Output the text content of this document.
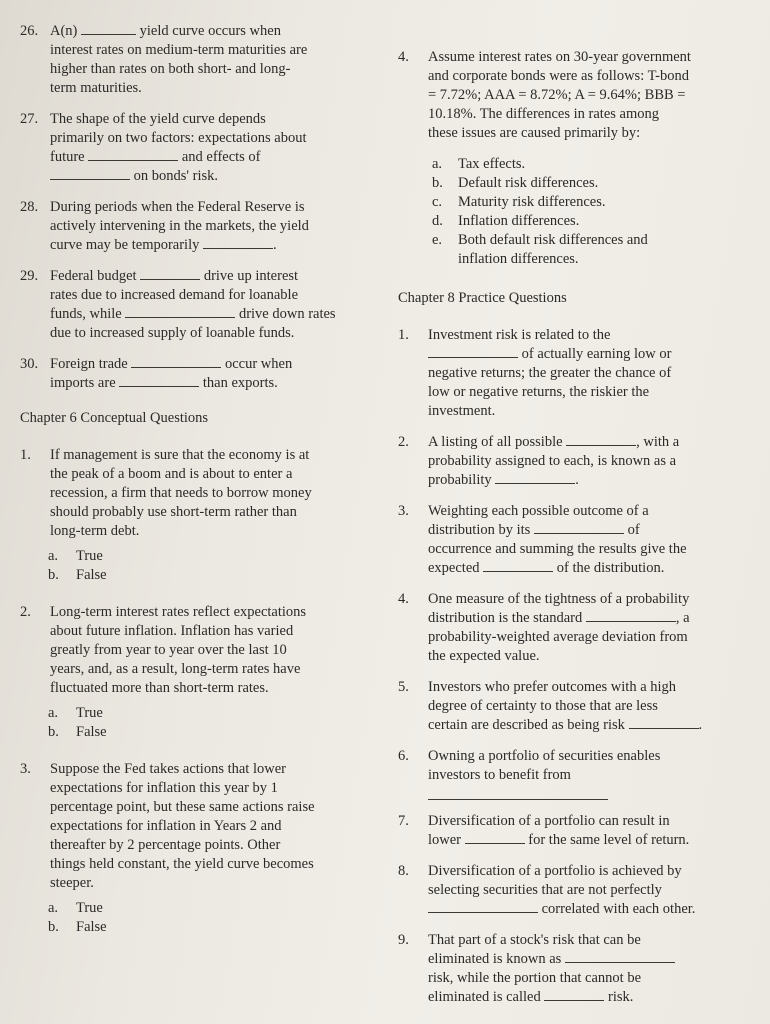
26. A(n)	yield curve occurs when
interest rates on medium-term maturities are
higher than rates on both short- and long-
term maturities.
27. The shape of the yield curve depends
primarily on two factors: expectations about
future	and effects of
on bonds' risk.
28. During periods when the Federal Reserve is
actively intervening in the markets, the yield
curve may be temporarily	.
29. Federal budget	drive up interest
rates due to increased demand for loanable
funds, while	drive down rates
due to increased supply of loanable funds.
30. Foreign trade	occur when
imports are	than exports.
Chapter 6 Conceptual Questions
1. If management is sure that the economy is at
the peak of a boom and is about to enter a
recession, a firm that needs to borrow money
should probably use short-term rather than
long-term debt.
a. True
b. False
2. Long-term interest rates reflect expectations
about future inflation. Inflation has varied
greatly from year to year over the last 10
years, and, as a result, long-term rates have
fluctuated more than short-term rates.
a. True
b. False
3. Suppose the Fed takes actions that lower
expectations for inflation this year by 1
percentage point, but these same actions raise
expectations for inflation in Years 2 and
thereafter by 2 percentage points. Other
things held constant, the yield curve becomes
steeper.
a. True
b. False
4. Assume interest rates on 30-year government
and corporate bonds were as follows: T-bond
= 7.72%; AAA = 8.72%; A = 9.64%; BBB =
10.18%. The differences in rates among
these issues are caused primarily by:
a. Tax effects.
b. Default risk differences.
c. Maturity risk differences.
d. Inflation differences.
e. Both default risk differences and
inflation differences.
Chapter 8 Practice Questions
1. Investment risk is related to the
of actually earning low or
negative returns; the greater the chance of
low or negative returns, the riskier the
investment.
2. A listing of all possible	, with a
probability assigned to each, is known as a
probability	.
3. Weighting each possible outcome of a
distribution by its	of
occurrence and summing the results give the
expected	of the distribution.
4. One measure of the tightness of a probability
distribution is the standard	, a
probability-weighted average deviation from
the expected value.
5. Investors who prefer outcomes with a high
degree of certainty to those that are less
certain are described as being risk	.
6. Owning a portfolio of securities enables
investors to benefit from
7. Diversification of a portfolio can result in
lower	for the same level of return.
8. Diversification of a portfolio is achieved by
selecting securities that are not perfectly
correlated with each other.
9. That part of a stock's risk that can be
eliminated is known as
risk, while the portion that cannot be
eliminated is called	risk.
